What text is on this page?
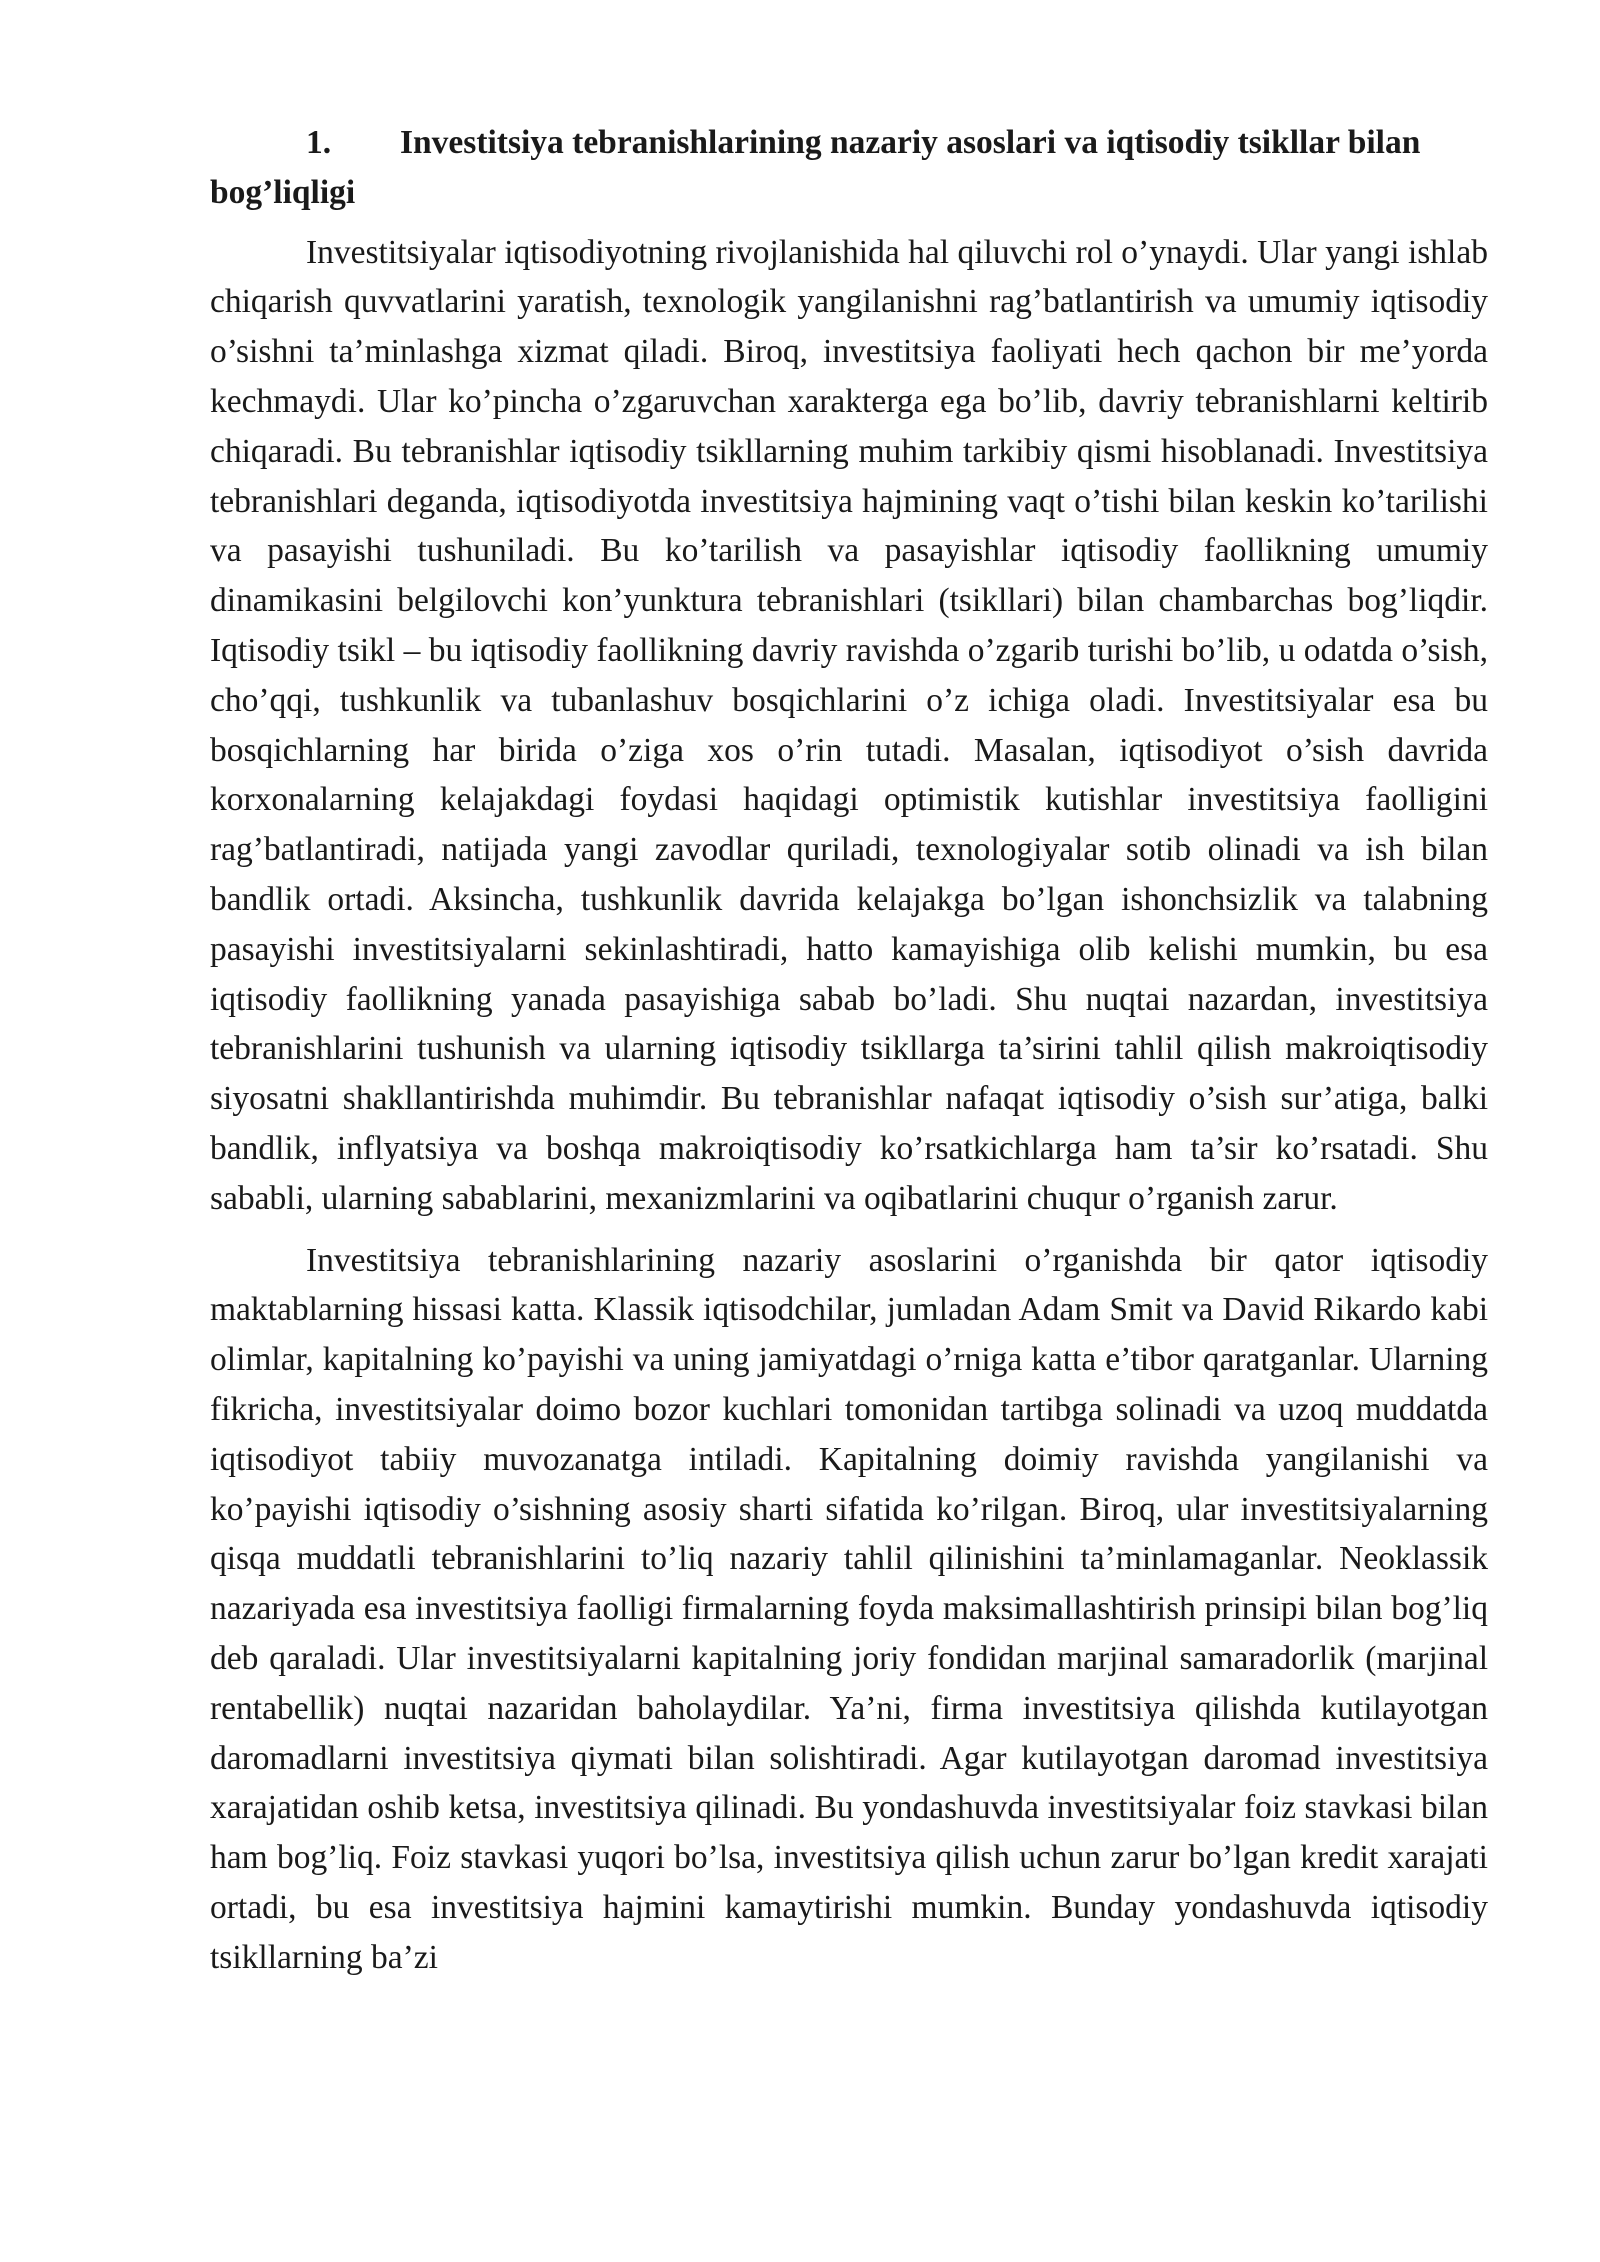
1. Investitsiya tebranishlarining nazariy asoslari va iqtisodiy tsikllar bilan bog’liqligi

Investitsiyalar iqtisodiyotning rivojlanishida hal qiluvchi rol o’ynaydi. Ular yangi ishlab chiqarish quvvatlarini yaratish, texnologik yangilanishni rag’batlantirish va umumiy iqtisodiy o’sishni ta’minlashga xizmat qiladi. Biroq, investitsiya faoliyati hech qachon bir me’yorda kechmaydi. Ular ko’pincha o’zgaruvchan xarakterga ega bo’lib, davriy tebranishlarni keltirib chiqaradi. Bu tebranishlar iqtisodiy tsikllarning muhim tarkibiy qismi hisoblanadi. Investitsiya tebranishlari deganda, iqtisodiyotda investitsiya hajmining vaqt o’tishi bilan keskin ko’tarilishi va pasayishi tushuniladi. Bu ko’tarilish va pasayishlar iqtisodiy faollikning umumiy dinamikasini belgilovchi kon’yunktura tebranishlari (tsikllari) bilan chambarchas bog’liqdir. Iqtisodiy tsikl – bu iqtisodiy faollikning davriy ravishda o’zgarib turishi bo’lib, u odatda o’sish, cho’qqi, tushkunlik va tubanlashuv bosqichlarini o’z ichiga oladi. Investitsiyalar esa bu bosqichlarning har birida o’ziga xos o’rin tutadi. Masalan, iqtisodiyot o’sish davrida korxonalarning kelajakdagi foydasi haqidagi optimistik kutishlar investitsiya faolligini rag’batlantiradi, natijada yangi zavodlar quriladi, texnologiyalar sotib olinadi va ish bilan bandlik ortadi. Aksincha, tushkunlik davrida kelajakga bo’lgan ishonchsizlik va talabning pasayishi investitsiyalarni sekinlashtiradi, hatto kamayishiga olib kelishi mumkin, bu esa iqtisodiy faollikning yanada pasayishiga sabab bo’ladi. Shu nuqtai nazardan, investitsiya tebranishlarini tushunish va ularning iqtisodiy tsikllarga ta’sirini tahlil qilish makroiqtisodiy siyosatni shakllantirishda muhimdir. Bu tebranishlar nafaqat iqtisodiy o’sish sur’atiga, balki bandlik, inflyatsiya va boshqa makroiqtisodiy ko’rsatkichlarga ham ta’sir ko’rsatadi. Shu sababli, ularning sabablarini, mexanizmlarini va oqibatlarini chuqur o’rganish zarur.

Investitsiya tebranishlarining nazariy asoslarini o’rganishda bir qator iqtisodiy maktablarning hissasi katta. Klassik iqtisodchilar, jumladan Adam Smit va David Rikardo kabi olimlar, kapitalning ko’payishi va uning jamiyatdagi o’rniga katta e’tibor qaratganlar. Ularning fikricha, investitsiyalar doimo bozor kuchlari tomonidan tartibga solinadi va uzoq muddatda iqtisodiyot tabiiy muvozanatga intiladi. Kapitalning doimiy ravishda yangilanishi va ko’payishi iqtisodiy o’sishning asosiy sharti sifatida ko’rilgan. Biroq, ular investitsiyalarning qisqa muddatli tebranishlarini to’liq nazariy tahlil qilinishini ta’minlamaganlar. Neoklassik nazariyada esa investitsiya faolligi firmalarning foyda maksimallashtirish prinsipi bilan bog’liq deb qaraladi. Ular investitsiyalarni kapitalning joriy fondidan marjinal samaradorlik (marjinal rentabellik) nuqtai nazaridan baholaydilar. Ya’ni, firma investitsiya qilishda kutilayotgan daromadlarni investitsiya qiymati bilan solishtiradi. Agar kutilayotgan daromad investitsiya xarajatidan oshib ketsa, investitsiya qilinadi. Bu yondashuvda investitsiyalar foiz stavkasi bilan ham bog’liq. Foiz stavkasi yuqori bo’lsa, investitsiya qilish uchun zarur bo’lgan kredit xarajati ortadi, bu esa investitsiya hajmini kamaytirishi mumkin. Bunday yondashuvda iqtisodiy tsikllarning ba’zi
